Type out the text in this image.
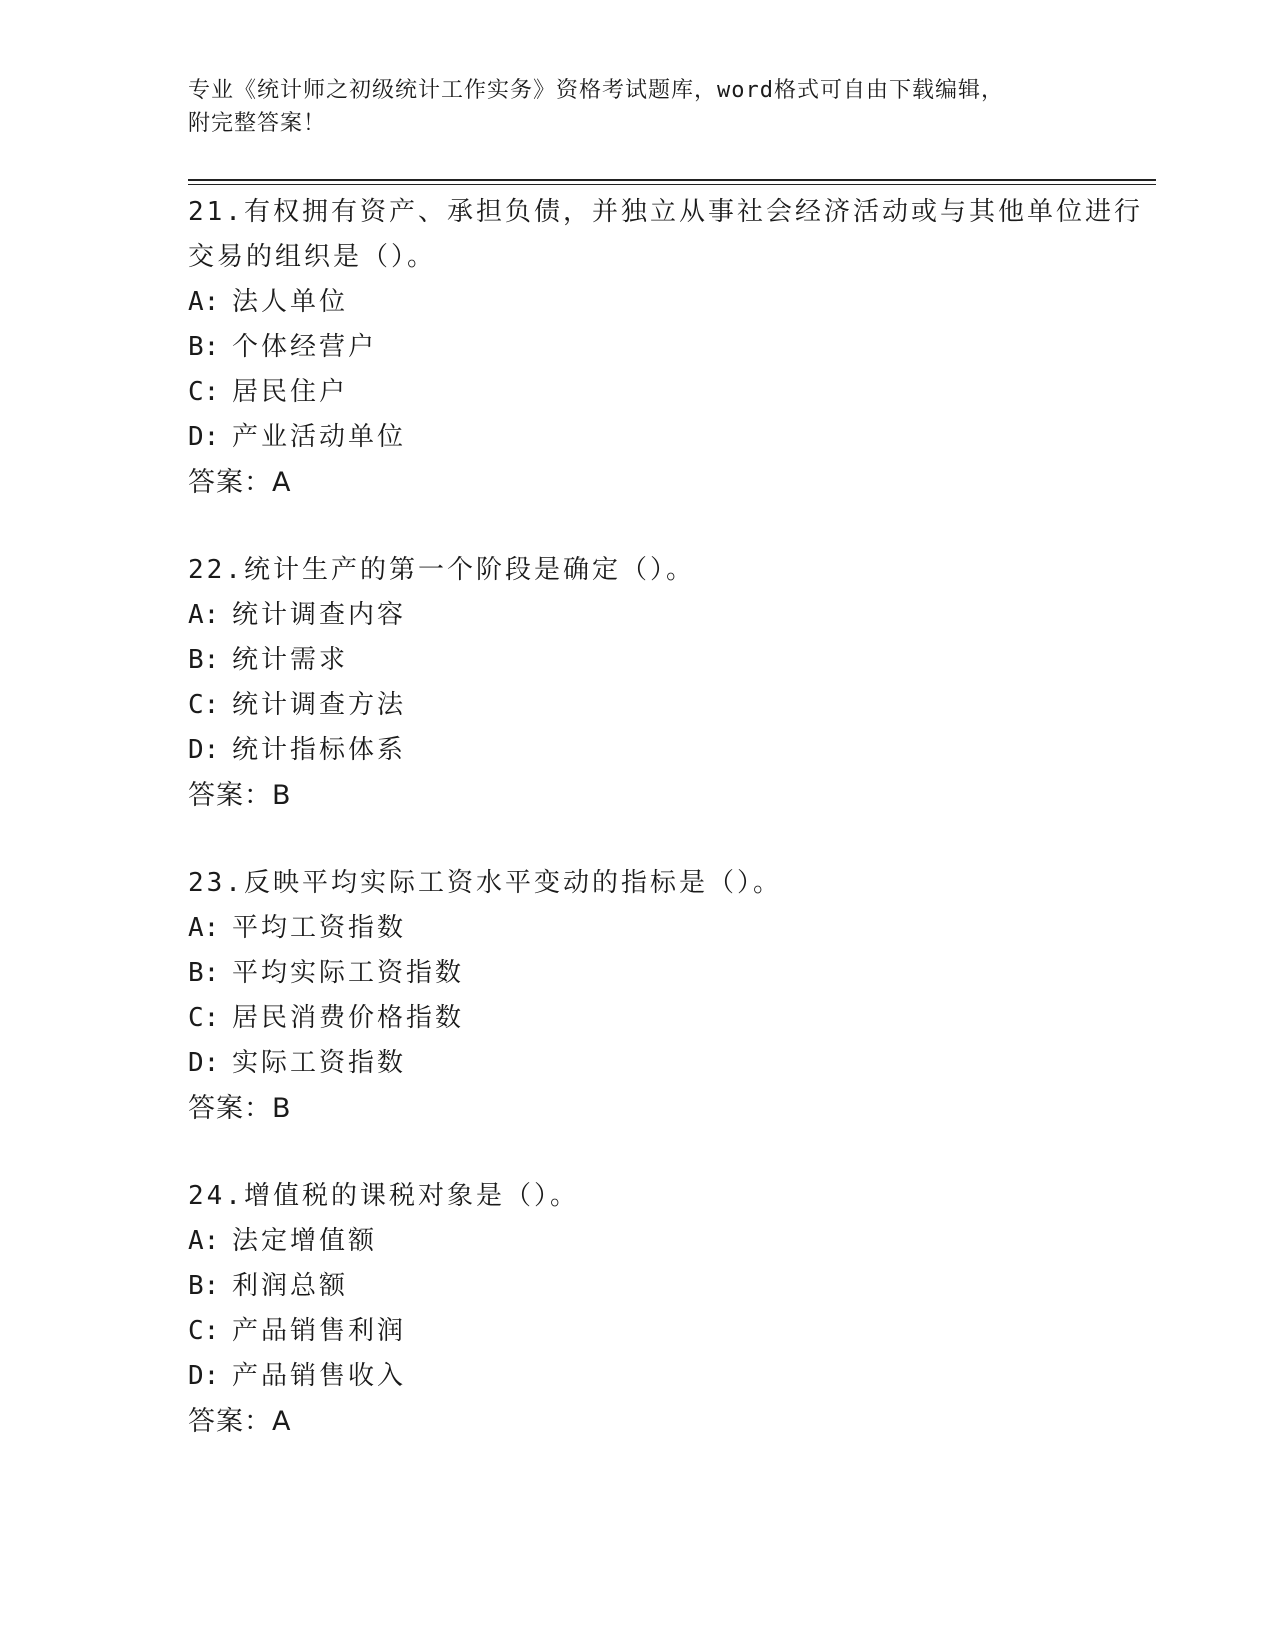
专业《统计师之初级统计工作实务》资格考试题库，word格式可自由下载编辑，
附完整答案！
21.有权拥有资产、承担负债，并独立从事社会经济活动或与其他单位进行交易的组织是（）。
A: 法人单位
B: 个体经营户
C: 居民住户
D: 产业活动单位
答案：A
22.统计生产的第一个阶段是确定（）。
A: 统计调查内容
B: 统计需求
C: 统计调查方法
D: 统计指标体系
答案：B
23.反映平均实际工资水平变动的指标是（）。
A: 平均工资指数
B: 平均实际工资指数
C: 居民消费价格指数
D: 实际工资指数
答案：B
24.增值税的课税对象是（）。
A: 法定增值额
B: 利润总额
C: 产品销售利润
D: 产品销售收入
答案：A
